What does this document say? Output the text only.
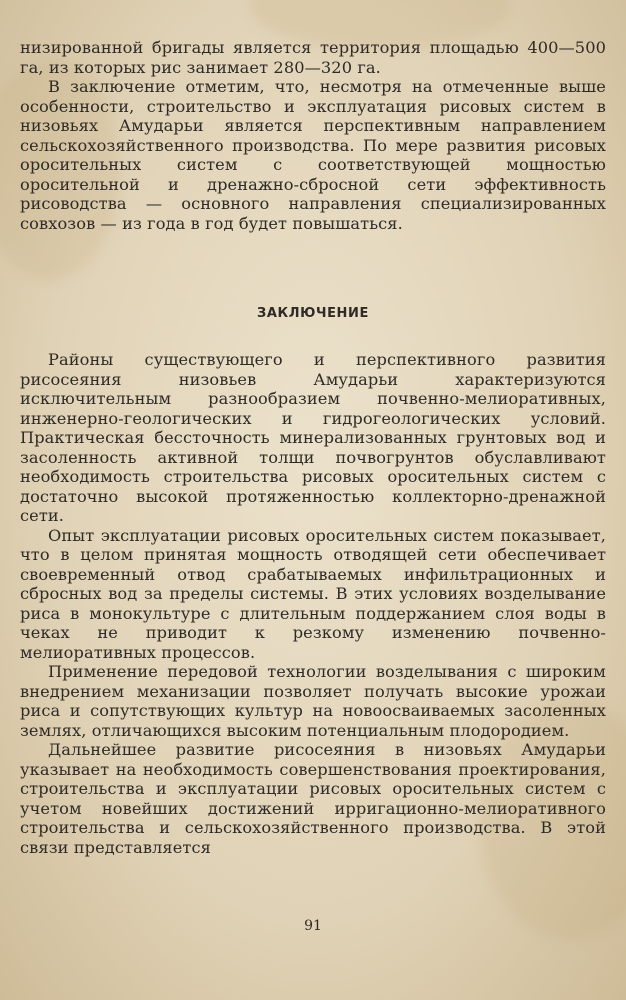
низированной бригады является территория площадью 400—500 га, из которых рис занимает 280—320 га.

В заключение отметим, что, несмотря на отмеченные выше особенности, строительство и эксплуатация рисовых систем в низовьях Амударьи является перспективным направлением сельскохозяйственного производства. По мере развития рисовых оросительных систем с соответствующей мощностью оросительной и дренажно-сбросной сети эффективность рисоводства — основного направления специализированных совхозов — из года в год будет повышаться.

ЗАКЛЮЧЕНИЕ

Районы существующего и перспективного развития рисосеяния низовьев Амударьи характеризуются исключительным разнообразием почвенно-мелиоративных, инженерно-геологических и гидрогеологических условий. Практическая бессточность минерализованных грунтовых вод и засоленность активной толщи почвогрунтов обуславливают необходимость строительства рисовых оросительных систем с достаточно высокой протяженностью коллекторно-дренажной сети.

Опыт эксплуатации рисовых оросительных систем показывает, что в целом принятая мощность отводящей сети обеспечивает своевременный отвод срабатываемых инфильтрационных и сбросных вод за пределы системы. В этих условиях возделывание риса в монокультуре с длительным поддержанием слоя воды в чеках не приводит к резкому изменению почвенно-мелиоративных процессов.

Применение передовой технологии возделывания с широким внедрением механизации позволяет получать высокие урожаи риса и сопутствующих культур на новоосваиваемых засоленных землях, отличающихся высоким потенциальным плодородием.

Дальнейшее развитие рисосеяния в низовьях Амударьи указывает на необходимость совершенствования проектирования, строительства и эксплуатации рисовых оросительных систем с учетом новейших достижений ирригационно-мелиоративного строительства и сельскохозяйственного производства. В этой связи представляется

91
